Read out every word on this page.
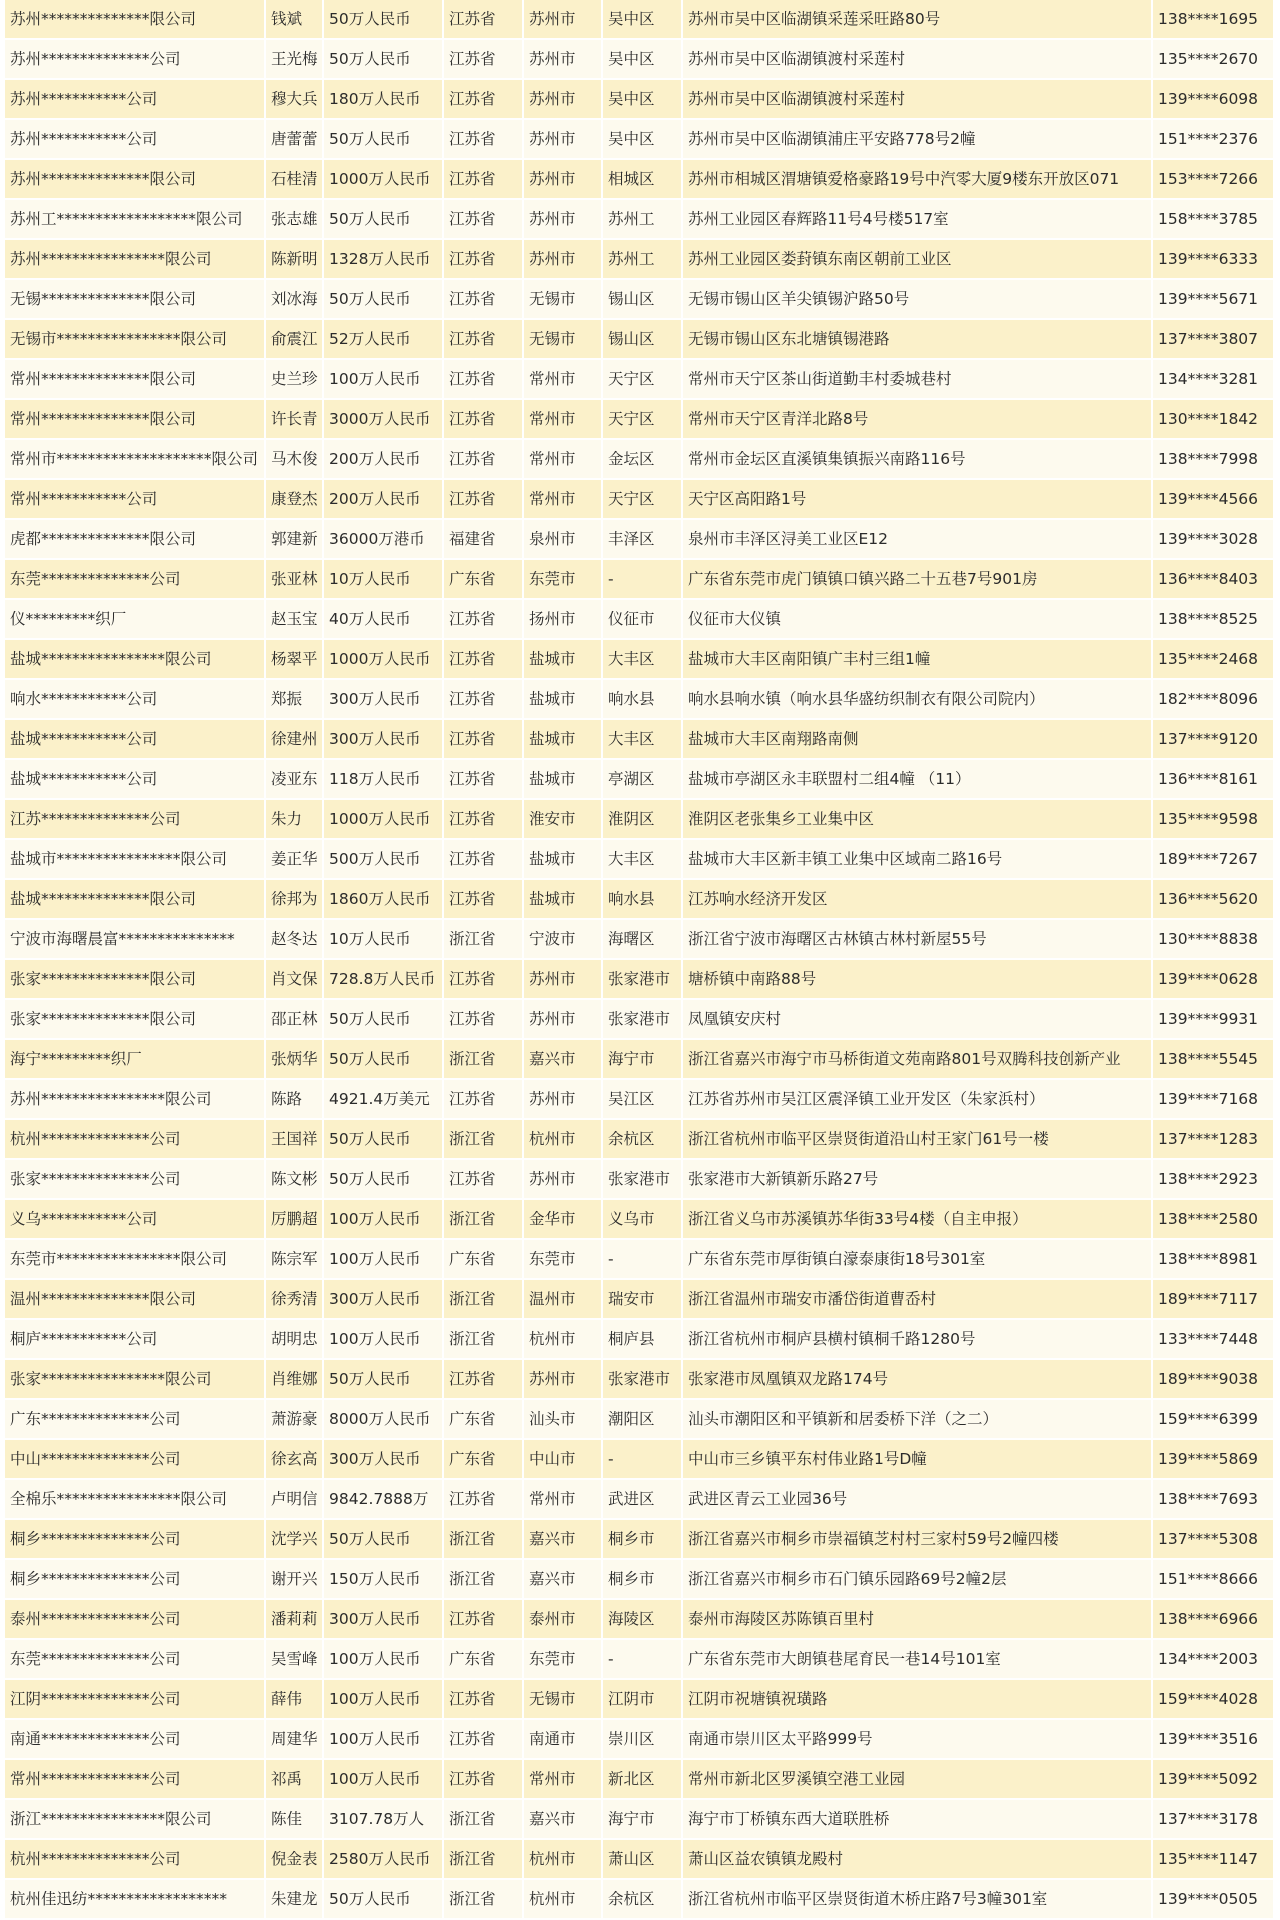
苏州**************限公司	钱斌	50万人民币	江苏省	苏州市	吴中区	苏州市吴中区临湖镇采莲采旺路80号	138****1695
苏州**************公司	王光梅	50万人民币	江苏省	苏州市	吴中区	苏州市吴中区临湖镇渡村采莲村	135****2670
苏州***********公司	穆大兵	180万人民币	江苏省	苏州市	吴中区	苏州市吴中区临湖镇渡村采莲村	139****6098
苏州***********公司	唐蕾蕾	50万人民币	江苏省	苏州市	吴中区	苏州市吴中区临湖镇浦庄平安路778号2幢	151****2376
苏州**************限公司	石桂清	1000万人民币	江苏省	苏州市	相城区	苏州市相城区渭塘镇爱格豪路19号中汽零大厦9楼东开放区071	153****7266
苏州工******************限公司	张志雄	50万人民币	江苏省	苏州市	苏州工	苏州工业园区春辉路11号4号楼517室	158****3785
苏州****************限公司	陈新明	1328万人民币	江苏省	苏州市	苏州工	苏州工业园区娄葑镇东南区朝前工业区	139****6333
无锡**************限公司	刘冰海	50万人民币	江苏省	无锡市	锡山区	无锡市锡山区羊尖镇锡沪路50号	139****5671
无锡市****************限公司	俞震江	52万人民币	江苏省	无锡市	锡山区	无锡市锡山区东北塘镇锡港路	137****3807
常州**************限公司	史兰珍	100万人民币	江苏省	常州市	天宁区	常州市天宁区茶山街道勤丰村委城巷村	134****3281
常州**************限公司	许长青	3000万人民币	江苏省	常州市	天宁区	常州市天宁区青洋北路8号	130****1842
常州市********************限公司	马木俊	200万人民币	江苏省	常州市	金坛区	常州市金坛区直溪镇集镇振兴南路116号	138****7998
常州***********公司	康登杰	200万人民币	江苏省	常州市	天宁区	天宁区高阳路1号	139****4566
虎都**************限公司	郭建新	36000万港币	福建省	泉州市	丰泽区	泉州市丰泽区浔美工业区E12	139****3028
东莞**************公司	张亚林	10万人民币	广东省	东莞市	-	广东省东莞市虎门镇镇口镇兴路二十五巷7号901房	136****8403
仪*********织厂	赵玉宝	40万人民币	江苏省	扬州市	仪征市	仪征市大仪镇	138****8525
盐城****************限公司	杨翠平	1000万人民币	江苏省	盐城市	大丰区	盐城市大丰区南阳镇广丰村三组1幢	135****2468
响水***********公司	郑振	300万人民币	江苏省	盐城市	响水县	响水县响水镇（响水县华盛纺织制衣有限公司院内）	182****8096
盐城***********公司	徐建州	300万人民币	江苏省	盐城市	大丰区	盐城市大丰区南翔路南侧	137****9120
盐城***********公司	凌亚东	118万人民币	江苏省	盐城市	亭湖区	盐城市亭湖区永丰联盟村二组4幢 （11）	136****8161
江苏**************公司	朱力	1000万人民币	江苏省	淮安市	淮阴区	淮阴区老张集乡工业集中区	135****9598
盐城市****************限公司	姜正华	500万人民币	江苏省	盐城市	大丰区	盐城市大丰区新丰镇工业集中区域南二路16号	189****7267
盐城**************限公司	徐邦为	1860万人民币	江苏省	盐城市	响水县	江苏响水经济开发区	136****5620
宁波市海曙晨富***************	赵冬达	10万人民币	浙江省	宁波市	海曙区	浙江省宁波市海曙区古林镇古林村新屋55号	130****8838
张家**************限公司	肖文保	728.8万人民币	江苏省	苏州市	张家港市	塘桥镇中南路88号	139****0628
张家**************限公司	邵正林	50万人民币	江苏省	苏州市	张家港市	凤凰镇安庆村	139****9931
海宁*********织厂	张炳华	50万人民币	浙江省	嘉兴市	海宁市	浙江省嘉兴市海宁市马桥街道文苑南路801号双腾科技创新产业	138****5545
苏州****************限公司	陈路	4921.4万美元	江苏省	苏州市	吴江区	江苏省苏州市吴江区震泽镇工业开发区（朱家浜村）	139****7168
杭州**************公司	王国祥	50万人民币	浙江省	杭州市	余杭区	浙江省杭州市临平区崇贤街道沿山村王家门61号一楼	137****1283
张家**************公司	陈文彬	50万人民币	江苏省	苏州市	张家港市	张家港市大新镇新乐路27号	138****2923
义乌***********公司	厉鹏超	100万人民币	浙江省	金华市	义乌市	浙江省义乌市苏溪镇苏华街33号4楼（自主申报）	138****2580
东莞市****************限公司	陈宗军	100万人民币	广东省	东莞市	-	广东省东莞市厚街镇白濠泰康街18号301室	138****8981
温州**************限公司	徐秀清	300万人民币	浙江省	温州市	瑞安市	浙江省温州市瑞安市潘岱街道曹岙村	189****7117
桐庐***********公司	胡明忠	100万人民币	浙江省	杭州市	桐庐县	浙江省杭州市桐庐县横村镇桐千路1280号	133****7448
张家****************限公司	肖维娜	50万人民币	江苏省	苏州市	张家港市	张家港市凤凰镇双龙路174号	189****9038
广东**************公司	萧游豪	8000万人民币	广东省	汕头市	潮阳区	汕头市潮阳区和平镇新和居委桥下洋（之二）	159****6399
中山**************公司	徐玄高	300万人民币	广东省	中山市	-	中山市三乡镇平东村伟业路1号D幢	139****5869
全棉乐****************限公司	卢明信	9842.7888万	江苏省	常州市	武进区	武进区青云工业园36号	138****7693
桐乡**************公司	沈学兴	50万人民币	浙江省	嘉兴市	桐乡市	浙江省嘉兴市桐乡市崇福镇芝村村三家村59号2幢四楼	137****5308
桐乡**************公司	谢开兴	150万人民币	浙江省	嘉兴市	桐乡市	浙江省嘉兴市桐乡市石门镇乐园路69号2幢2层	151****8666
泰州**************公司	潘莉莉	300万人民币	江苏省	泰州市	海陵区	泰州市海陵区苏陈镇百里村	138****6966
东莞**************公司	吴雪峰	100万人民币	广东省	东莞市	-	广东省东莞市大朗镇巷尾育民一巷14号101室	134****2003
江阴**************公司	薛伟	100万人民币	江苏省	无锡市	江阴市	江阴市祝塘镇祝璜路	159****4028
南通**************公司	周建华	100万人民币	江苏省	南通市	崇川区	南通市崇川区太平路999号	139****3516
常州**************公司	祁禹	100万人民币	江苏省	常州市	新北区	常州市新北区罗溪镇空港工业园	139****5092
浙江****************限公司	陈佳	3107.78万人	浙江省	嘉兴市	海宁市	海宁市丁桥镇东西大道联胜桥	137****3178
杭州**************公司	倪金表	2580万人民币	浙江省	杭州市	萧山区	萧山区益农镇镇龙殿村	135****1147
杭州佳迅纺******************	朱建龙	50万人民币	浙江省	杭州市	余杭区	浙江省杭州市临平区崇贤街道木桥庄路7号3幢301室	139****0505
